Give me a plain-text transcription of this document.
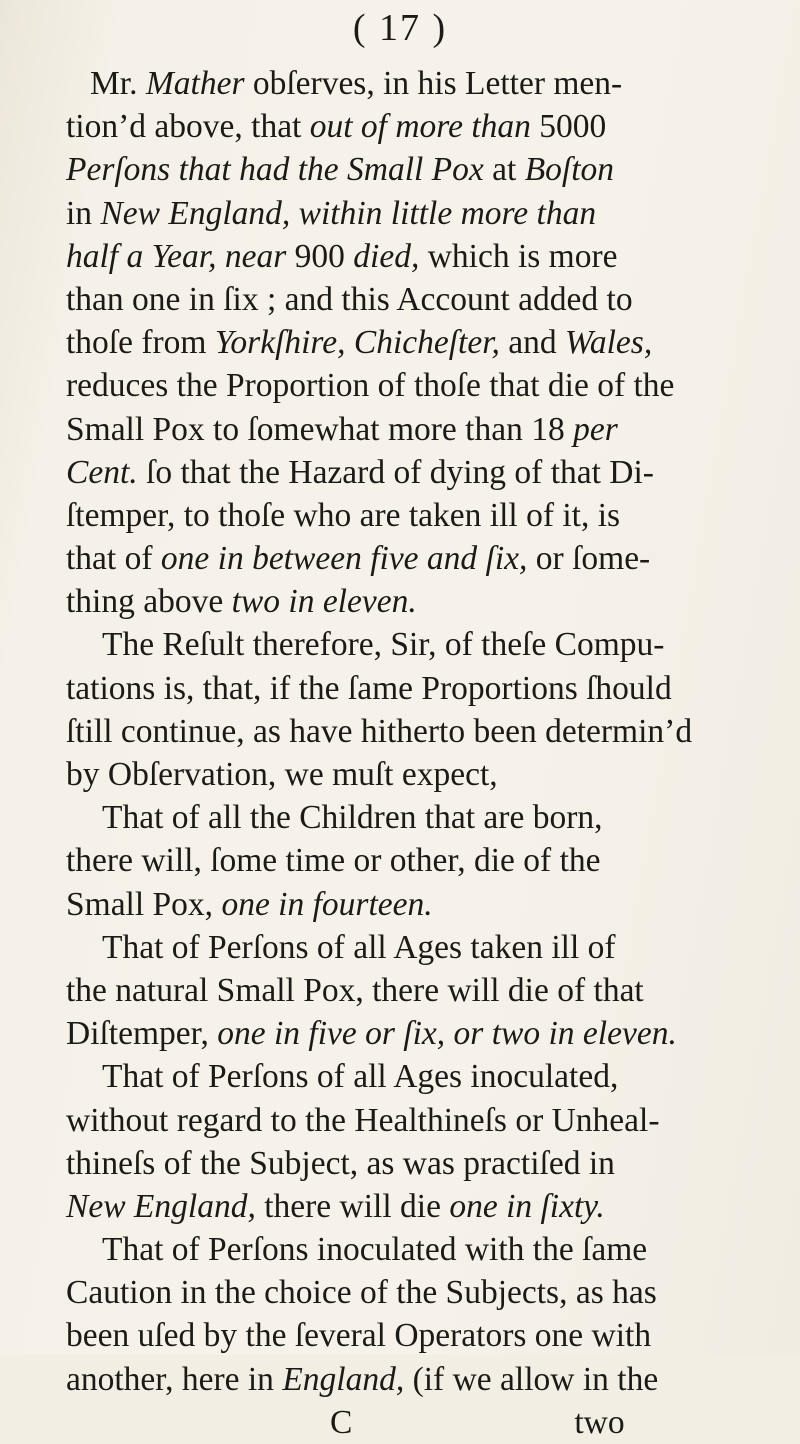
( 17 )
Mr. Mather obſerves, in his Letter men-
tion’d above, that out of more than 5000
Perſons that had the Small Pox at Boſton
in New England, within little more than
half a Year, near 900 died, which is more
than one in ſix ; and this Account added to
thoſe from Yorkſhire, Chicheſter, and Wales,
reduces the Proportion of thoſe that die of the
Small Pox to ſomewhat more than 18 per
Cent. ſo that the Hazard of dying of that Di-
ſtemper, to thoſe who are taken ill of it, is
that of one in between five and ſix, or ſome-
thing above two in eleven.
The Reſult therefore, Sir, of theſe Compu-
tations is, that, if the ſame Proportions ſhould
ſtill continue, as have hitherto been determin’d
by Obſervation, we muſt expect,
That of all the Children that are born,
there will, ſome time or other, die of the
Small Pox, one in fourteen.
That of Perſons of all Ages taken ill of
the natural Small Pox, there will die of that
Diſtemper, one in five or ſix, or two in eleven.
That of Perſons of all Ages inoculated,
without regard to the Healthineſs or Unheal-
thineſs of the Subject, as was practiſed in
New England, there will die one in ſixty.
That of Perſons inoculated with the ſame
Caution in the choice of the Subjects, as has
been uſed by the ſeveral Operators one with
another, here in England, (if we allow in the
C	two
